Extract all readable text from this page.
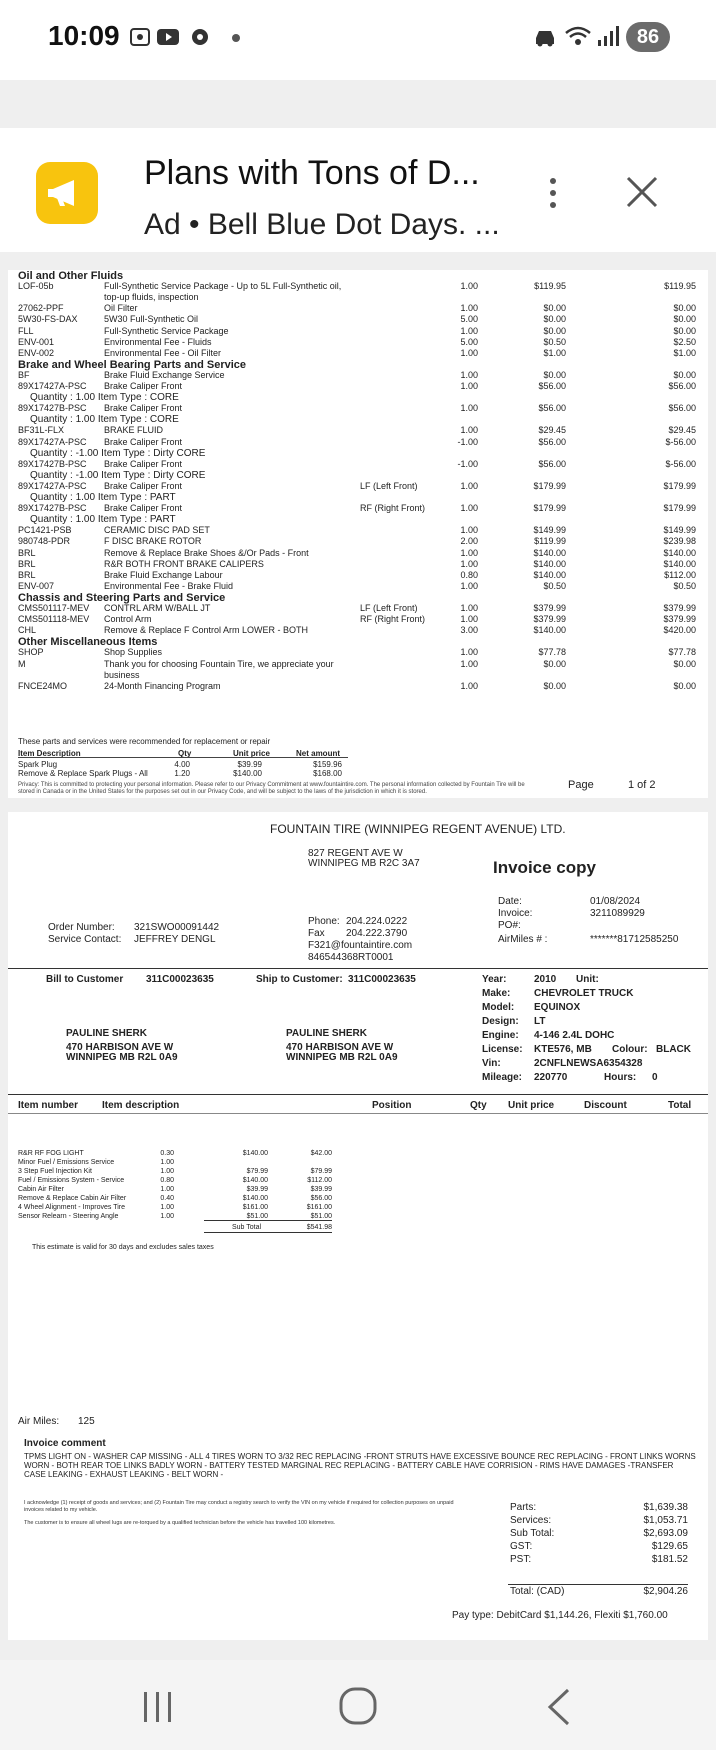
10:09	86
Plans with Tons of D...
Ad • Bell Blue Dot Days. ...
Oil and Other Fluids
LOF-05b	Full-Synthetic Service Package - Up to 5L Full-Synthetic oil,	1.00	$119.95	$119.95
top-up fluids, inspection
27062-PPF	Oil Filter	1.00	$0.00	$0.00
5W30-FS-DAX	5W30 Full-Synthetic Oil	5.00	$0.00	$0.00
FLL	Full-Synthetic Service Package	1.00	$0.00	$0.00
ENV-001	Environmental Fee - Fluids	5.00	$0.50	$2.50
ENV-002	Environmental Fee - Oil Filter	1.00	$1.00	$1.00
Brake and Wheel Bearing Parts and Service
BF	Brake Fluid Exchange Service	1.00	$0.00	$0.00
89X17427A-PSC Brake Caliper Front	1.00	$56.00	$56.00
Quantity : 1.00 Item Type : CORE
89X17427B-PSC Brake Caliper Front	1.00	$56.00	$56.00
Quantity : 1.00 Item Type : CORE
BF31L-FLX	BRAKE FLUID	1.00	$29.45	$29.45
89X17427A-PSC Brake Caliper Front	-1.00	$56.00	$-56.00
Quantity : -1.00 Item Type : Dirty CORE
89X17427B-PSC Brake Caliper Front	-1.00	$56.00	$-56.00
Quantity : -1.00 Item Type : Dirty CORE
89X17427A-PSC Brake Caliper Front	LF (Left Front)	1.00	$179.99	$179.99
Quantity : 1.00 Item Type : PART
89X17427B-PSC Brake Caliper Front	RF (Right Front)	1.00	$179.99	$179.99
Quantity : 1.00 Item Type : PART
PC1421-PSB	CERAMIC DISC PAD SET	1.00	$149.99	$149.99
980748-PDR	F DISC BRAKE ROTOR	2.00	$119.99	$239.98
BRL	Remove & Replace Brake Shoes &/Or Pads - Front	1.00	$140.00	$140.00
BRL	R&R BOTH FRONT BRAKE CALIPERS	1.00	$140.00	$140.00
BRL	Brake Fluid Exchange Labour	0.80	$140.00	$112.00
ENV-007	Environmental Fee - Brake Fluid	1.00	$0.50	$0.50
Chassis and Steering Parts and Service
CMS501117-MEV CONTRL ARM W/BALL JT	LF (Left Front)	1.00	$379.99	$379.99
CMS501118-MEV Control Arm	RF (Right Front)	1.00	$379.99	$379.99
CHL	Remove & Replace F Control Arm LOWER - BOTH	3.00	$140.00	$420.00
Other Miscellaneous Items
SHOP	Shop Supplies	1.00	$77.78	$77.78
M	Thank you for choosing Fountain Tire, we appreciate your	1.00	$0.00	$0.00
business
FNCE24MO	24-Month Financing Program	1.00	$0.00	$0.00
These parts and services were recommended for replacement or repair
Item Description	Qty	Unit price	Net amount
Spark Plug	4.00	$39.99	$159.96
Remove & Replace Spark Plugs - All	1.20	$140.00	$168.00
Privacy: This is committed to protecting your personal information. Please refer to our Privacy Commitment at www.fountaintire.com. The personal information collected by Fountain Tire will be stored in Canada or in the United States for the purposes set out in our Privacy Code, and will be subject to the laws of the jurisdiction in which it is stored.
Page	1 of 2
FOUNTAIN TIRE (WINNIPEG REGENT AVENUE) LTD.
827 REGENT AVE W
WINNIPEG MB R2C 3A7	Invoice copy
Phone: 204.224.0222
Fax 204.222.3790
F321@fountaintire.com
846544368RT0001
Date:	01/08/2024
Invoice:	3211089929
PO#:
AirMiles # :	*******81712585250
Order Number: 321SWO00091442
Service Contact: JEFFREY DENGL
Bill to Customer 311C00023635	Ship to Customer: 311C00023635
PAULINE SHERK
470 HARBISON AVE W
WINNIPEG MB R2L 0A9
PAULINE SHERK
470 HARBISON AVE W
WINNIPEG MB R2L 0A9
Year:	2010 Unit:
Make: CHEVROLET TRUCK
Model: EQUINOX
Design: LT
Engine: 4-146 2.4L DOHC
License: KTE576, MB Colour: BLACK
Vin:	2CNFLNEWSA6354328
Mileage: 220770	Hours: 0
Item number Item description	Position	Qty Unit price	Discount	Total
R&R RF FOG LIGHT	0.30	$140.00	$42.00
Minor Fuel / Emissions Service	1.00
3 Step Fuel Injection Kit	1.00	$79.99	$79.99
Fuel / Emissions System - Service	0.80	$140.00	$112.00
Cabin Air Filter	1.00	$39.99	$39.99
Remove & Replace Cabin Air Filter	0.40	$140.00	$56.00
4 Wheel Alignment - Improves Tire	1.00	$161.00	$161.00
Sensor Relearn - Steering Angle	1.00	$51.00	$51.00
Sub Total	$541.98
This estimate is valid for 30 days and excludes sales taxes
Air Miles: 125
Invoice comment
TPMS LIGHT ON - WASHER CAP MISSING - ALL 4 TIRES WORN TO 3/32 REC REPLACING -FRONT STRUTS HAVE EXCESSIVE BOUNCE REC REPLACING - FRONT LINKS WORNS WORN - BOTH REAR TOE LINKS BADLY WORN - BATTERY TESTED MARGINAL REC REPLACING - BATTERY CABLE HAVE CORRISION - RIMS HAVE DAMAGES -TRANSFER CASE LEAKING - EXHAUST LEAKING - BELT WORN -
I acknowledge (1) receipt of goods and services; and (2) Fountain Tire may conduct a registry search to verify the VIN on my vehicle if required for collection purposes on unpaid invoices related to my vehicle.
The customer is to ensure all wheel lugs are re-torqued by a qualified technician before the vehicle has travelled 100 kilometres.
Parts:	$1,639.38
Services:	$1,053.71
Sub Total:	$2,693.09
GST:	$129.65
PST:	$181.52
Total: (CAD)	$2,904.26
Pay type: DebitCard $1,144.26, Flexiti $1,760.00
